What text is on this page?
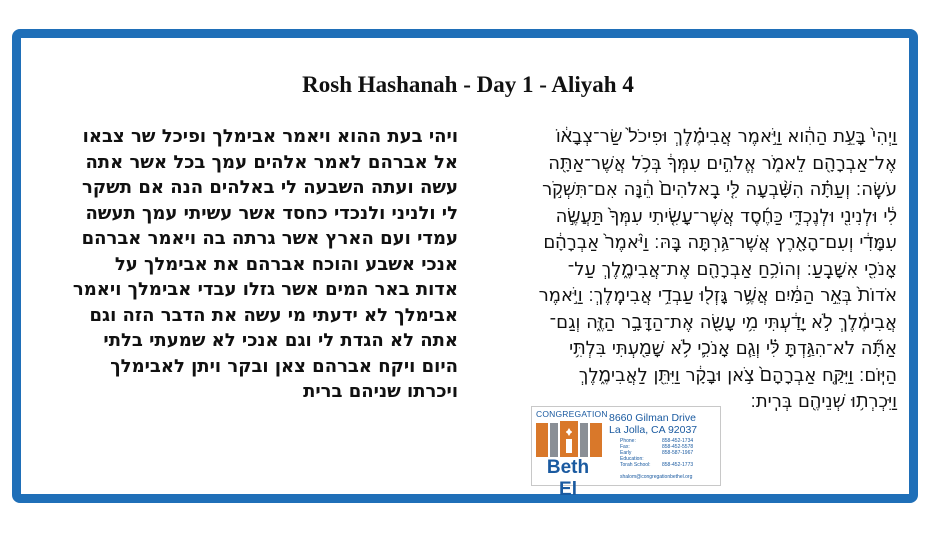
Rosh Hashanah - Day 1 - Aliyah 4
ויהי בעת ההוא ויאמר אבימלך ופיכל שר צבאו
אל אברהם לאמר אלהים עמך בכל אשר אתה
עשה ועתה השבעה לי באלהים הנה אם תשקר
לי ולניני ולנכדי כחסד אשר עשיתי עמך תעשה
עמדי ועם הארץ אשר גרתה בה ויאמר אברהם
אנכי אשבע והוכח אברהם את אבימלך על
אדות באר המים אשר גזלו עבדי אבימלך ויאמר
אבימלך לא ידעתי מי עשה את הדבר הזה וגם
אתה לא הגדת לי וגם אנכי לא שמעתי בלתי
היום ויקח אברהם צאן ובקר ויתן לאבימלך
ויכרתו שניהם ברית
וַיְהִי֙ בָּעֵ֣ת הַהִ֔וא וַיֹּ֣אמֶר אֲבִימֶ֗לֶךְ וּפִיכֹל֙ שַׂר־צְבָא֔וֹ
אֶל־אַבְרָהָ֖ם לֵאמֹ֑ר אֱלֹהִ֣ים עִמְּךָ֔ בְּכֹ֥ל אֲשֶׁר־אַתָּ֖ה
עֹשֶֽׂה׃ וְעַתָּ֗ה הִשָּׁ֨בְעָה לִּ֤י בֵֽאלֹהִים֙ הֵ֔נָּה אִם־תִּשְׁקֹ֣ר
לִ֔י וּלְנִינִ֖י וּלְנֶכְדִּ֑י כַּחֶ֜סֶד אֲשֶׁר־עָשִׂ֤יתִי עִמְּךָ֙ תַּעֲשֶׂ֣ה
עִמָּדִ֔י וְעִם־הָאָ֖רֶץ אֲשֶׁר־גַּ֥רְתָּה בָּֽהּ׃ וַיֹּ֨אמֶר֙ אַבְרָהָ֔ם
אָנֹכִ֖י אִשָּׁבֵֽעַ׃ וְהוֹכִ֥חַ אַבְרָהָ֖ם אֶת־אֲבִימֶ֑לֶךְ עַל־
אֹדוֹת֙ בְּאֵ֣ר הַמַּ֔יִם אֲשֶׁ֥ר גָּזְל֖וּ עַבְדֵ֥י אֲבִימֶֽלֶךְ׃ וַיֹּ֣אמֶר
אֲבִימֶ֔לֶךְ לֹ֣א יָדַ֔עְתִּי מִ֥י עָשָׂ֖ה אֶת־הַדָּבָ֣ר הַזֶּ֑ה וְגַם־
אַתָּ֞ה לֹא־הִגַּ֣דְתָּ לִּ֗י וְגַ֧ם אָנֹכִ֛י לֹ֥א שָׁמַ֖עְתִּי בִּלְתִּ֥י
הַיּֽוֹם׃ וַיִּקַּ֤ח אַבְרָהָם֙ צֹ֣אן וּבָקָ֔ר וַיִּתֵּ֖ן לַאֲבִימֶ֑לֶךְ
וַיִּכְרְת֥וּ שְׁנֵיהֶ֖ם בְּרִֽית׃
CONGREGATION
Beth El
8660 Gilman Drive
La Jolla, CA 92037
Phone:	858-452-1734
Fax:	858-452-5578
Early Education:
858-587-1967
Torah School:	858-452-1773
shalom@congregationbethel.org
